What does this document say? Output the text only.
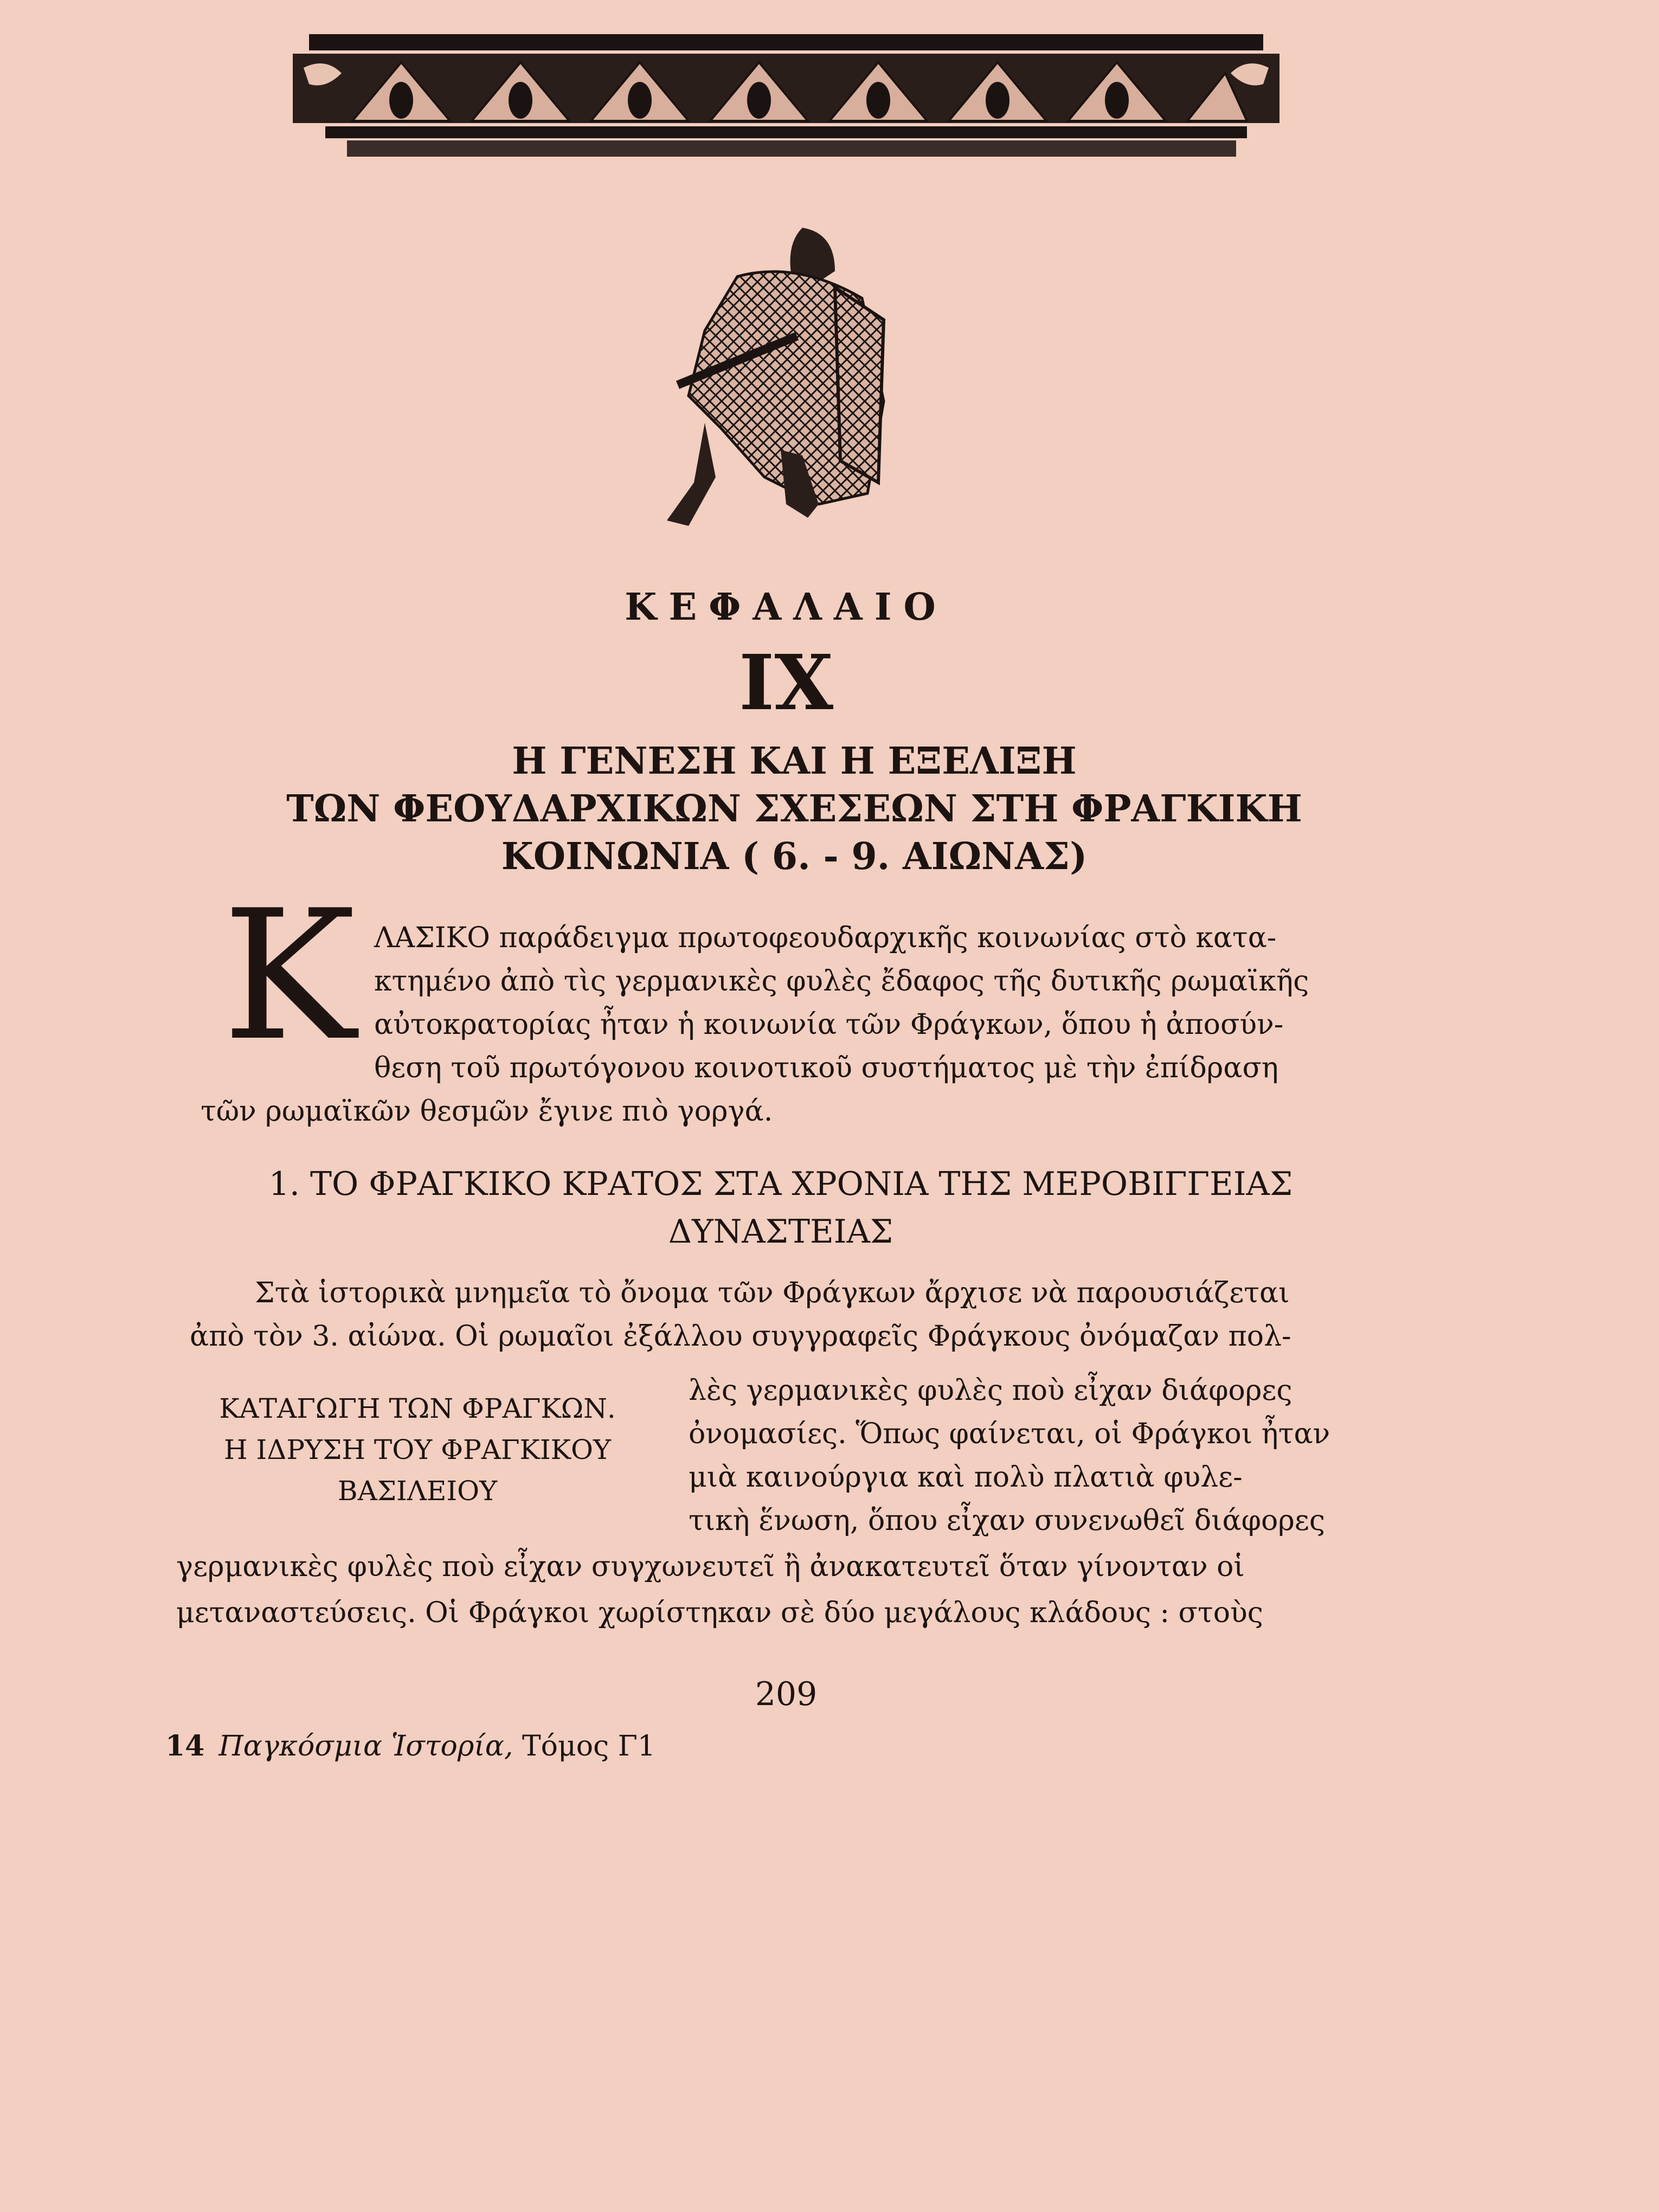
ΚΕΦΑΛΑΙΟ
IX
Η ΓΕΝΕΣΗ ΚΑΙ Η ΕΞΕΛΙΞΗ
ΤΩΝ ΦΕΟΥΔΑΡΧΙΚΩΝ ΣΧΕΣΕΩΝ ΣΤΗ ΦΡΑΓΚΙΚΗ
ΚΟΙΝΩΝΙΑ ( 6. - 9. ΑΙΩΝΑΣ)
Κ ΛΑΣΙΚΟ παράδειγμα πρωτοφεουδαρχικῆς κοινωνίας στὸ κατα-
κτημένο ἀπὸ τὶς γερμανικὲς φυλὲς ἔδαφος τῆς δυτικῆς ρωμαϊκῆς
αὐτοκρατορίας ἦταν ἡ κοινωνία τῶν Φράγκων, ὅπου ἡ ἀποσύν-
θεση τοῦ πρωτόγονου κοινοτικοῦ συστήματος μὲ τὴν ἐπίδραση
τῶν ρωμαϊκῶν θεσμῶν ἔγινε πιὸ γοργά.
1. ΤΟ ΦΡΑΓΚΙΚΟ ΚΡΑΤΟΣ ΣΤΑ ΧΡΟΝΙΑ ΤΗΣ ΜΕΡΟΒΙΓΓΕΙΑΣ
ΔΥΝΑΣΤΕΙΑΣ
Στὰ ἱστορικὰ μνημεῖα τὸ ὄνομα τῶν Φράγκων ἄρχισε νὰ παρουσιάζεται
ἀπὸ τὸν 3. αἰώνα. Οἱ ρωμαῖοι ἐξάλλου συγγραφεῖς Φράγκους ὀνόμαζαν πολ-
λὲς γερμανικὲς φυλὲς ποὺ εἶχαν διάφορες
ὀνομασίες. Ὅπως φαίνεται, οἱ Φράγκοι ἦταν
μιὰ καινούργια καὶ πολὺ πλατιὰ φυλε-
τικὴ ἕνωση, ὅπου εἶχαν συνενωθεῖ διάφορες
γερμανικὲς φυλὲς ποὺ εἶχαν συγχωνευτεῖ ἢ ἀνακατευτεῖ ὅταν γίνονταν οἱ
μεταναστεύσεις. Οἱ Φράγκοι χωρίστηκαν σὲ δύο μεγάλους κλάδους : στοὺς
ΚΑΤΑΓΩΓΗ ΤΩΝ ΦΡΑΓΚΩΝ.
Η ΙΔΡΥΣΗ ΤΟΥ ΦΡΑΓΚΙΚΟΥ
ΒΑΣΙΛΕΙΟΥ
209
14 Παγκόσμια Ἱστορία, Τόμος Γ1
